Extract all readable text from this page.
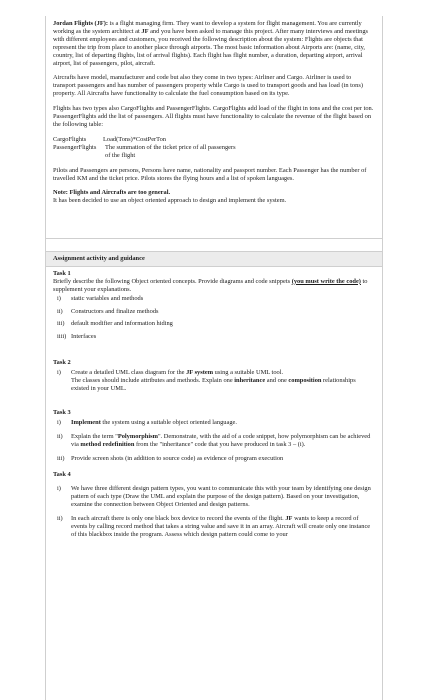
Jordan Flights (JF): is a flight managing firm. They want to develop a system for flight management. You are currently working as the system architect at JF and you have been asked to manage this project. After many interviews and meetings with different employees and customers, you received the following description about the system: Flights are objects that represent the trip from place to another place through airports. The most basic information about Airports are: (name, city, country, list of departing flights, list of arrival flights). Each flight has flight number, a duration, departing airport, arrival airport, list of passengers, pilot, aircraft.

Aircrafts have model, manufacturer and code but also they come in two types: Airliner and Cargo. Airliner is used to transport passengers and has number of passengers property while Cargo is used to transport goods and has load (in tons) property. All Aircrafts have functionality to calculate the fuel consumption based on its type.

Flights has two types also CargoFlights and PassengerFlights. CargoFlights add load of the flight in tons and the cost per ton. PassengerFlights add the list of passengers. All flights must have functionality to calculate the revenue of the flight based on the following table:

CargoFlights	Load(Tons)*CostPerTon
PassengerFlights	The summation of the ticket price of all passengers

of the flight

Pilots and Passengers are persons, Persons have name, nationality and passport number. Each Passenger has the number of travelled KM and the ticket price. Pilots stores the flying hours and a list of spoken languages.

Note: Flights and Aircrafts are too general.
It has been decided to use an object oriented approach to design and implement the system.
Assignment activity and guidance
Task 1
Briefly describe the following Object oriented concepts. Provide diagrams and code snippets (you must write the code) to supplement your explanations.
i)	static variables and methods
ii)	Constructors and finalize methods
iii)	default modifier and information hiding
iiii) Interfaces
Task 2
i)	Create a detailed UML class diagram for the JF system using a suitable UML tool.
The classes should include attributes and methods. Explain one inheritance and one composition relationships existed in your UML.
Task 3
i)	Implement the system using a suitable object oriented language.
ii)	Explain the term "Polymorphism". Demonstrate, with the aid of a code snippet, how polymorphism can be achieved via method redefinition from the "inheritance" code that you have produced in task 3 – (i).
iii)	Provide screen shots (in addition to source code) as evidence of program execution
Task 4
i)	We have three different design pattern types, you want to communicate this with your team by identifying one design pattern of each type (Draw the UML and explain the purpose of the design pattern). Based on your investigation, examine the connection between Object Oriented and design patterns.
ii)	In each aircraft there is only one black box device to record the events of the flight. JF wants to keep a record of events by calling record method that takes a string value and save it in an array. Aircraft will create only one instance of this blackbox inside the program. Assess which design pattern could come to your
